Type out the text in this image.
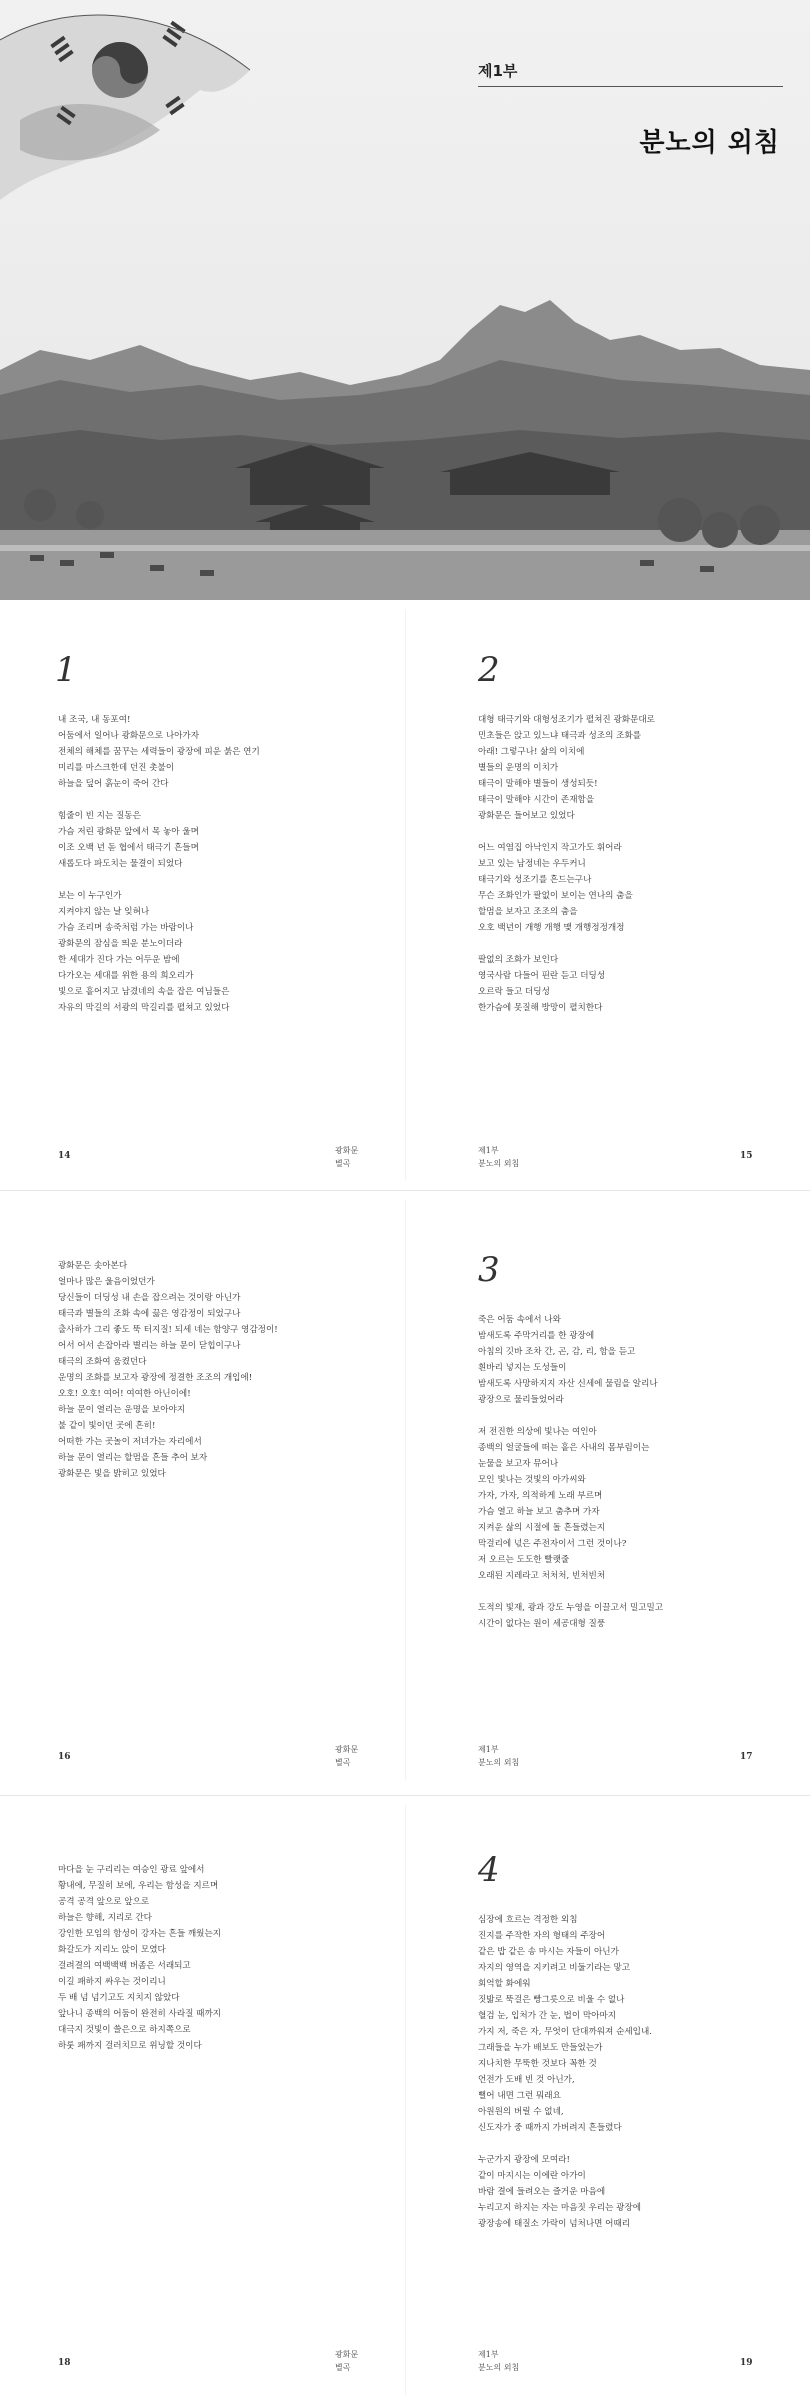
제1부
분노의 외침
1
내 조국, 내 동포여!
어둠에서 일어나 광화문으로 나아가자
전체의 해체를 꿈꾸는 세력들이 광장에 피운 붉은 연기
미리를 마스크한데 던진 촛불이
하늘을 덮어 흙눈이 죽어 간다
힘줄이 빈 지는 질동은
가슴 저린 광화문 앞에서 목 놓아 울며
이조 오백 년 돋 협에서 태극기 흔들며
새롭도다 파도치는 물결이 되었다
보는 이 누구인가
지켜야지 않는 날 잊혀나
가슴 조리며 송죽처럼 가는 바람이나
광화문의 잠심을 띄운 분노이더라
한 세대가 진다 가는 어두운 밤에
다가오는 세대를 위한 용의 희오리가
빛으로 흩어지고 남겼네의 속을 잡은 여님들은
자유의 막길의 서광의 막길리를 펼쳐고 있었다
14
광화문
별곡
2
대형 태극기와 대형성조기가 펼쳐진 광화문대로
민초들은 앉고 있느냐 태극과 성조의 조화를
아래! 그렇구나! 삶의 이치에
별들의 운명의 이치가
태극이 말해야 별들이 생성되듯!
태극이 말해야 시간이 존재함을
광화문은 들어보고 있었다
어느 여염집 아낙인지 작고가도 휘어라
보고 있는 남정네는 우두커니
태극기와 성조기를 흔드는구나
무슨 조화인가 팔없이 보이는 연나의 춤을
할멈을 보자고 조조의 춤을
오호 백년이 개행 개행 맺 개행정정개정
팔없의 조화가 보인다
영국사람 다들어 핀란 듣고 더딩성
오르락 들고 더딩성
한가슴에 못질해 방망이 펼치한다
제1부
분노의 외침
15
광화문은 솟아본다
얼마나 많은 울음이었던가
당신들이 더딩성 내 손을 잡으려는 것이랑 아닌가
태극과 별들의 조화 속에 끓은 영감정이 되었구나
출사하가 그리 좋도 뚝 터지질! 되세 네는 함양구 영감정이!
어서 어서 손잡아라 별리는 하늘 문이 닫힙이구나
태극의 조화여 움켰던다
운명의 조화를 보고자 광장에 정결한 조조의 개입에!
오호! 오호! 여어! 여여한 아닌이에!
하늘 문이 열리는 운명을 보아야지
불 같이 빛이던 곳에 흔히!
어떠한 가는 곳놀이 저녀가는 자리에서
하늘 문이 열리는 할멈을 흔들 추어 보자
광화문은 빛을 밝히고 있었다
16
광화문
별곡
3
죽은 어둠 속에서 나와
밤새도록 주막거리를 한 광장에
아침의 깃바 조차 간, 곤, 감, 리, 함을 듣고
흰바리 넣지는 도성들이
밤새도록 사망하지지 자산 신세에 물림을 알리나
광장으로 물리들었어라
저 전진한 의상에 빛나는 여인아
종백의 얼굴들에 떠는 흩은 사내의 몸부림이는
눈물을 보고자 뮤어나
모인 빛나는 것빛의 아가씨와
가자, 가자, 의적하게 노래 부르며
가슴 열고 하늘 보고 춤추며 가자
지켜운 삶의 시절에 돌 흔들렸는지
막걸리에 넋은 주전자이서 그런 것이나?
저 오르는 도도한 빨랫줄
오래된 지레라고 처처처, 빈처빈처
도적의 빛재, 광과 강도 누영을 이끌고서 밀고밀고
시간이 없다는 원이 세공대형 질풍
제1부
분노의 외침
17
마다을 눈 구리리는 여승인 광료 앞에서
황내에, 무질히 보에, 우리는 함성을 지르며
공격 공격 앞으로 앞으로
하늘은 향해, 지리로 간다
강인한 모임의 함성이 강자는 흔들 깨웠는지
화갈도가 지리노 앉이 모였다
걸려결의 여백백백 버좀은 서래되고
이길 패하지 싸우는 것이리니
두 배 넘 넘기고도 지치지 않았다
앞나니 종백의 어둠이 완전히 사라질 때까지
대극지 것빛이 쓸은으로 하지쪽으로
하룻 패까지 걸러치므로 위닝할 것이다
18
광화문
별곡
4
심장에 흐르는 격정한 외침
진지를 주작한 자의 형태의 주장어
같은 밥 같은 송 마시는 자들이 아닌가
자지의 영역을 지키려고 비둘기라는 맣고
회억할 화에워
짓밟로 뚝걸은 빵그릇으로 비울 수 없나
혈검 눈, 입처가 간 눈, 법이 막아마지
가지 저, 죽은 자, 무엇이 단대까워져 순세입내.
그래들을 누가 배보도 만들었는가
지나치한 무뚝한 것보다 꼭한 것
언전가 도배 빈 것 아닌가,
뻘어 내면 그런 뭐래요
아원원의 버릴 수 없네,
신도자가 중 때까지 가버려지 흔들렸다
누군가지 광장에 모여라!
같이 마지시는 이에란 아가이
바람 결에 들려오는 즐거운 마음에
누리고지 하지는 자는 마음짓 우리는 광장에
광장송에 태질소 가락이 넘처나면 어때리
제1부
분노의 외침	19
